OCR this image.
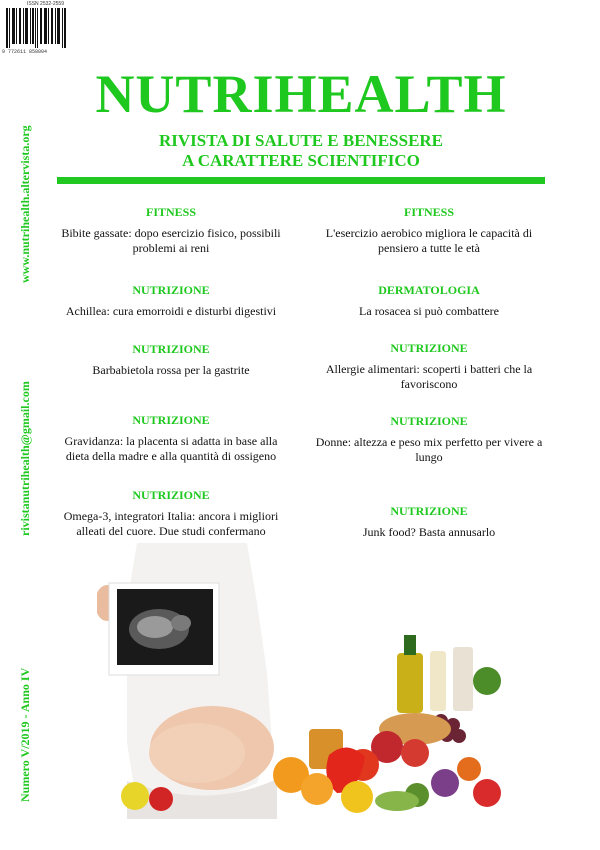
ISSN 2532-2559
9 772611 858004
www.nutrihealth.altervista.org
rivistanutrihealth@gmail.com
Numero V/2019 - Anno IV
NUTRIHEALTH
RIVISTA DI SALUTE E BENESSERE
A CARATTERE SCIENTIFICO
FITNESS
Bibite gassate: dopo esercizio fisico, possibili problemi ai reni
NUTRIZIONE
Achillea: cura emorroidi e disturbi digestivi
NUTRIZIONE
Barbabietola rossa per la gastrite
NUTRIZIONE
Gravidanza: la placenta si adatta in base alla dieta della madre e alla quantità di ossigeno
NUTRIZIONE
Omega-3, integratori Italia: ancora i migliori alleati del cuore. Due studi confermano
FITNESS
L'esercizio aerobico migliora le capacità di pensiero a tutte le età
DERMATOLOGIA
La rosacea si può combattere
NUTRIZIONE
Allergie alimentari: scoperti i batteri che la favoriscono
NUTRIZIONE
Donne: altezza e peso mix perfetto per vivere a lungo
NUTRIZIONE
Junk food? Basta annusarlo
